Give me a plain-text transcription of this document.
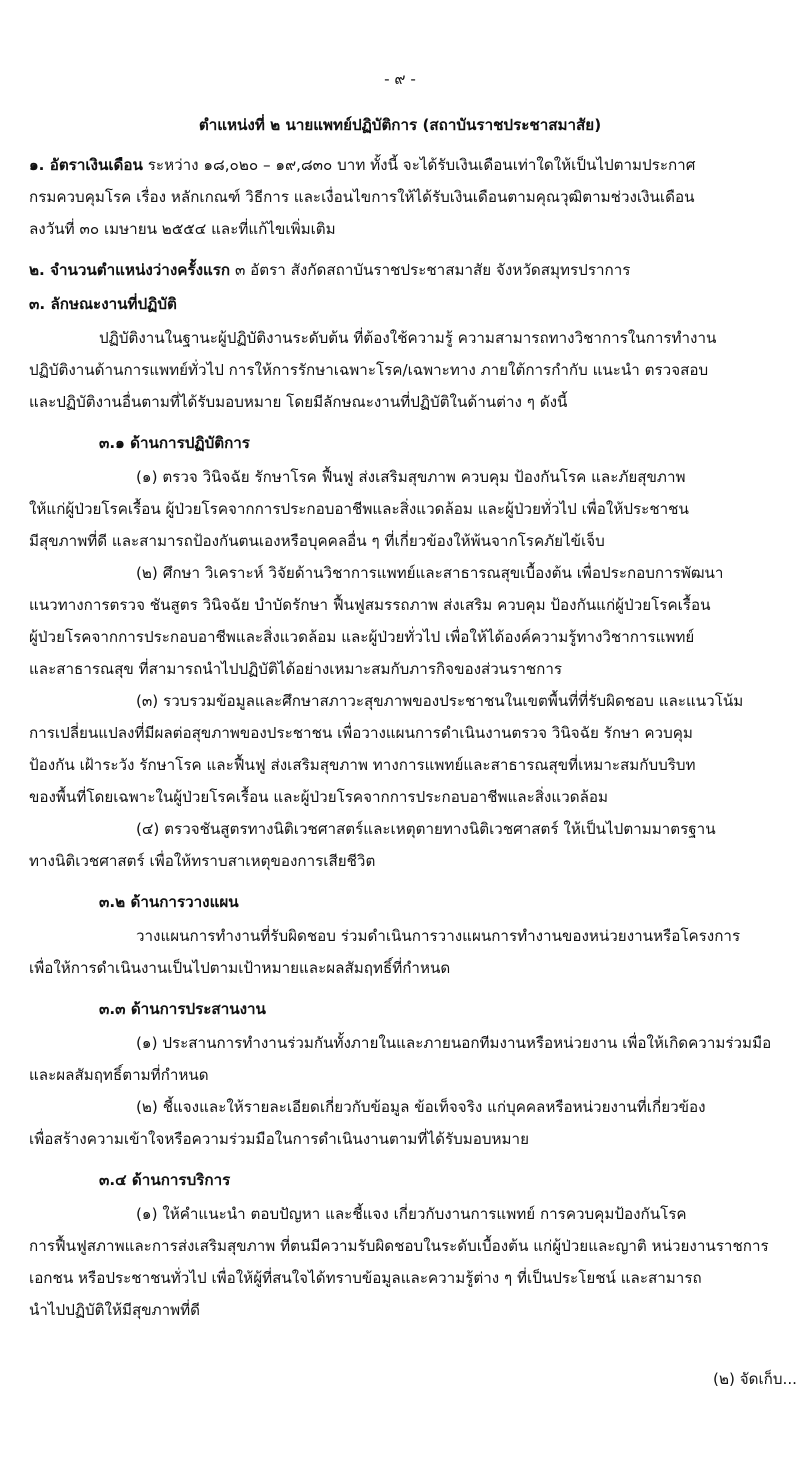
- ๙ -
ตำแหน่งที่ ๒ นายแพทย์ปฏิบัติการ (สถาบันราชประชาสมาสัย)
๑. อัตราเงินเดือน ระหว่าง ๑๘,๐๒๐ – ๑๙,๘๓๐ บาท ทั้งนี้ จะได้รับเงินเดือนเท่าใดให้เป็นไปตามประกาศ
กรมควบคุมโรค เรื่อง หลักเกณฑ์ วิธีการ และเงื่อนไขการให้ได้รับเงินเดือนตามคุณวุฒิตามช่วงเงินเดือน
ลงวันที่ ๓๐ เมษายน ๒๕๕๔ และที่แก้ไขเพิ่มเติม
๒. จำนวนตำแหน่งว่างครั้งแรก ๓ อัตรา สังกัดสถาบันราชประชาสมาสัย จังหวัดสมุทรปราการ
๓. ลักษณะงานที่ปฏิบัติ
ปฏิบัติงานในฐานะผู้ปฏิบัติงานระดับต้น ที่ต้องใช้ความรู้ ความสามารถทางวิชาการในการทำงาน
ปฏิบัติงานด้านการแพทย์ทั่วไป การให้การรักษาเฉพาะโรค/เฉพาะทาง ภายใต้การกำกับ แนะนำ ตรวจสอบ
และปฏิบัติงานอื่นตามที่ได้รับมอบหมาย โดยมีลักษณะงานที่ปฏิบัติในด้านต่าง ๆ ดังนี้
๓.๑ ด้านการปฏิบัติการ
(๑) ตรวจ วินิจฉัย รักษาโรค ฟื้นฟู ส่งเสริมสุขภาพ ควบคุม ป้องกันโรค และภัยสุขภาพ
ให้แก่ผู้ป่วยโรคเรื้อน ผู้ป่วยโรคจากการประกอบอาชีพและสิ่งแวดล้อม และผู้ป่วยทั่วไป เพื่อให้ประชาชน
มีสุขภาพที่ดี และสามารถป้องกันตนเองหรือบุคคลอื่น ๆ ที่เกี่ยวข้องให้พ้นจากโรคภัยไข้เจ็บ
(๒) ศึกษา วิเคราะห์ วิจัยด้านวิชาการแพทย์และสาธารณสุขเบื้องต้น เพื่อประกอบการพัฒนา
แนวทางการตรวจ ชันสูตร วินิจฉัย บำบัดรักษา ฟื้นฟูสมรรถภาพ ส่งเสริม ควบคุม ป้องกันแก่ผู้ป่วยโรคเรื้อน
ผู้ป่วยโรคจากการประกอบอาชีพและสิ่งแวดล้อม และผู้ป่วยทั่วไป เพื่อให้ได้องค์ความรู้ทางวิชาการแพทย์
และสาธารณสุข ที่สามารถนำไปปฏิบัติได้อย่างเหมาะสมกับภารกิจของส่วนราชการ
(๓) รวบรวมข้อมูลและศึกษาสภาวะสุขภาพของประชาชนในเขตพื้นที่ที่รับผิดชอบ และแนวโน้ม
การเปลี่ยนแปลงที่มีผลต่อสุขภาพของประชาชน เพื่อวางแผนการดำเนินงานตรวจ วินิจฉัย รักษา ควบคุม
ป้องกัน เฝ้าระวัง รักษาโรค และฟื้นฟู ส่งเสริมสุขภาพ ทางการแพทย์และสาธารณสุขที่เหมาะสมกับบริบท
ของพื้นที่โดยเฉพาะในผู้ป่วยโรคเรื้อน และผู้ป่วยโรคจากการประกอบอาชีพและสิ่งแวดล้อม
(๔) ตรวจชันสูตรทางนิติเวชศาสตร์และเหตุตายทางนิติเวชศาสตร์ ให้เป็นไปตามมาตรฐาน
ทางนิติเวชศาสตร์ เพื่อให้ทราบสาเหตุของการเสียชีวิต
๓.๒ ด้านการวางแผน
วางแผนการทำงานที่รับผิดชอบ ร่วมดำเนินการวางแผนการทำงานของหน่วยงานหรือโครงการ
เพื่อให้การดำเนินงานเป็นไปตามเป้าหมายและผลสัมฤทธิ์ที่กำหนด
๓.๓ ด้านการประสานงาน
(๑) ประสานการทำงานร่วมกันทั้งภายในและภายนอกทีมงานหรือหน่วยงาน เพื่อให้เกิดความร่วมมือ
และผลสัมฤทธิ์ตามที่กำหนด
(๒) ชี้แจงและให้รายละเอียดเกี่ยวกับข้อมูล ข้อเท็จจริง แก่บุคคลหรือหน่วยงานที่เกี่ยวข้อง
เพื่อสร้างความเข้าใจหรือความร่วมมือในการดำเนินงานตามที่ได้รับมอบหมาย
๓.๔ ด้านการบริการ
(๑) ให้คำแนะนำ ตอบปัญหา และชี้แจง เกี่ยวกับงานการแพทย์ การควบคุมป้องกันโรค
การฟื้นฟูสภาพและการส่งเสริมสุขภาพ ที่ตนมีความรับผิดชอบในระดับเบื้องต้น แก่ผู้ป่วยและญาติ หน่วยงานราชการ
เอกชน หรือประชาชนทั่วไป เพื่อให้ผู้ที่สนใจได้ทราบข้อมูลและความรู้ต่าง ๆ ที่เป็นประโยชน์ และสามารถ
นำไปปฏิบัติให้มีสุขภาพที่ดี
(๒) จัดเก็บ...
